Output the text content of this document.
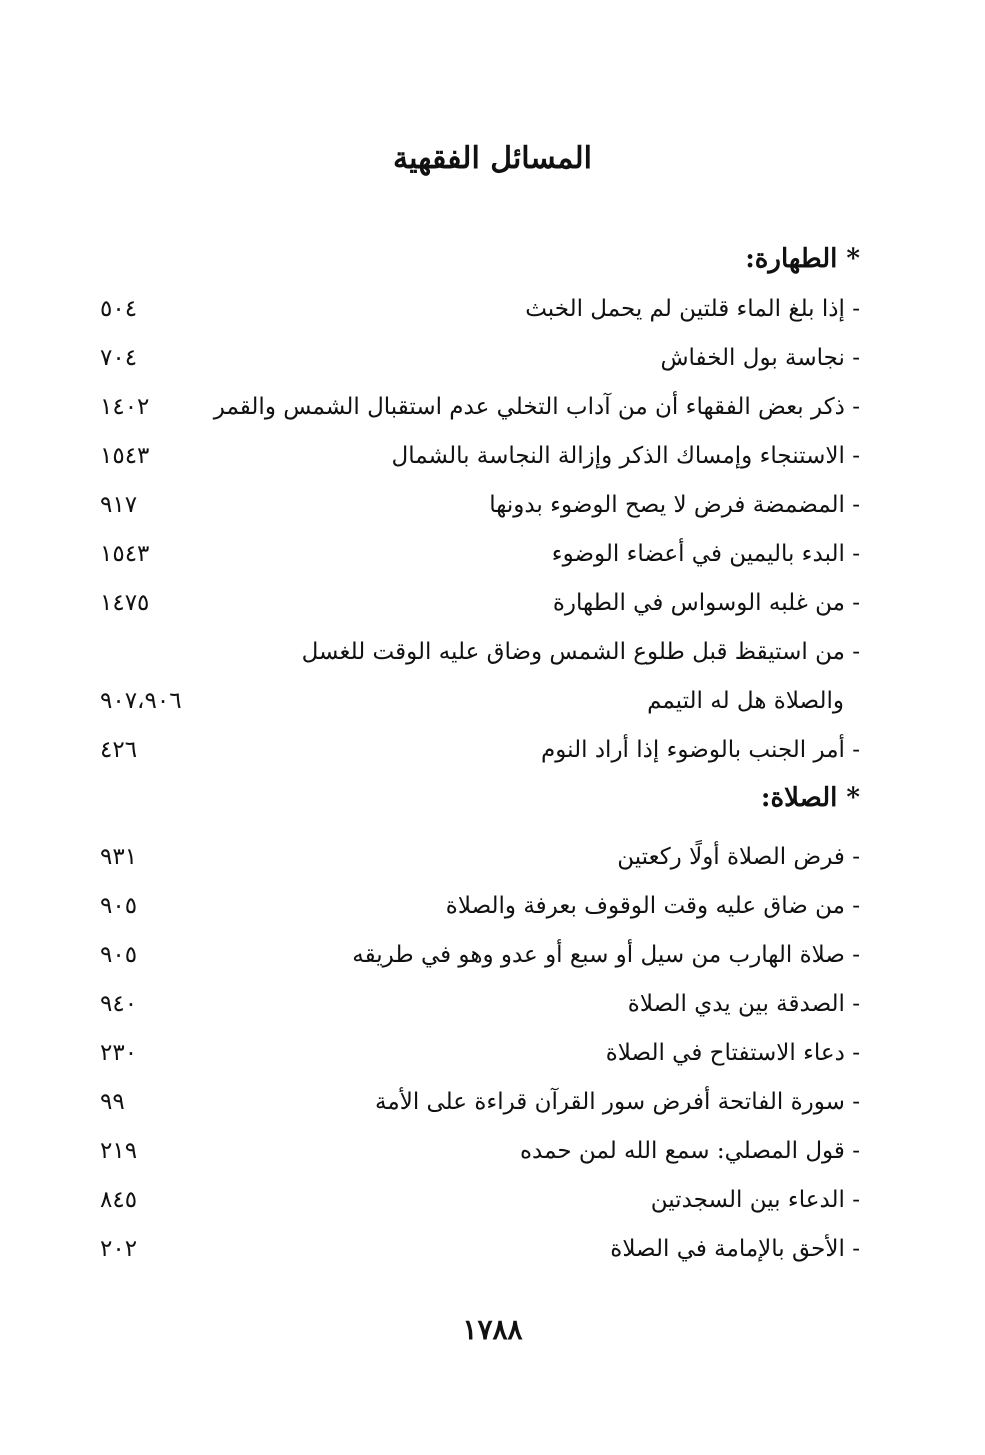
المسائل الفقهية
* الطهارة:
- إذا بلغ الماء قلتين لم يحمل الخبث
٥٠٤
- نجاسة بول الخفاش
٧٠٤
- ذكر بعض الفقهاء أن من آداب التخلي عدم استقبال الشمس والقمر
١٤٠٢
- الاستنجاء وإمساك الذكر وإزالة النجاسة بالشمال
١٥٤٣
- المضمضة فرض لا يصح الوضوء بدونها
٩١٧
- البدء باليمين في أعضاء الوضوء
١٥٤٣
- من غلبه الوسواس في الطهارة
١٤٧٥
- من استيقظ قبل طلوع الشمس وضاق عليه الوقت للغسل
والصلاة هل له التيمم
٩٠٧،٩٠٦
- أمر الجنب بالوضوء إذا أراد النوم
٤٢٦
* الصلاة:
- فرض الصلاة أولًا ركعتين
٩٣١
- من ضاق عليه وقت الوقوف بعرفة والصلاة
٩٠٥
- صلاة الهارب من سيل أو سبع أو عدو وهو في طريقه
٩٠٥
- الصدقة بين يدي الصلاة
٩٤٠
- دعاء الاستفتاح في الصلاة
٢٣٠
- سورة الفاتحة أفرض سور القرآن قراءة على الأمة
٩٩
- قول المصلي: سمع الله لمن حمده
٢١٩
- الدعاء بين السجدتين
٨٤٥
- الأحق بالإمامة في الصلاة
٢٠٢
١٧٨٨
